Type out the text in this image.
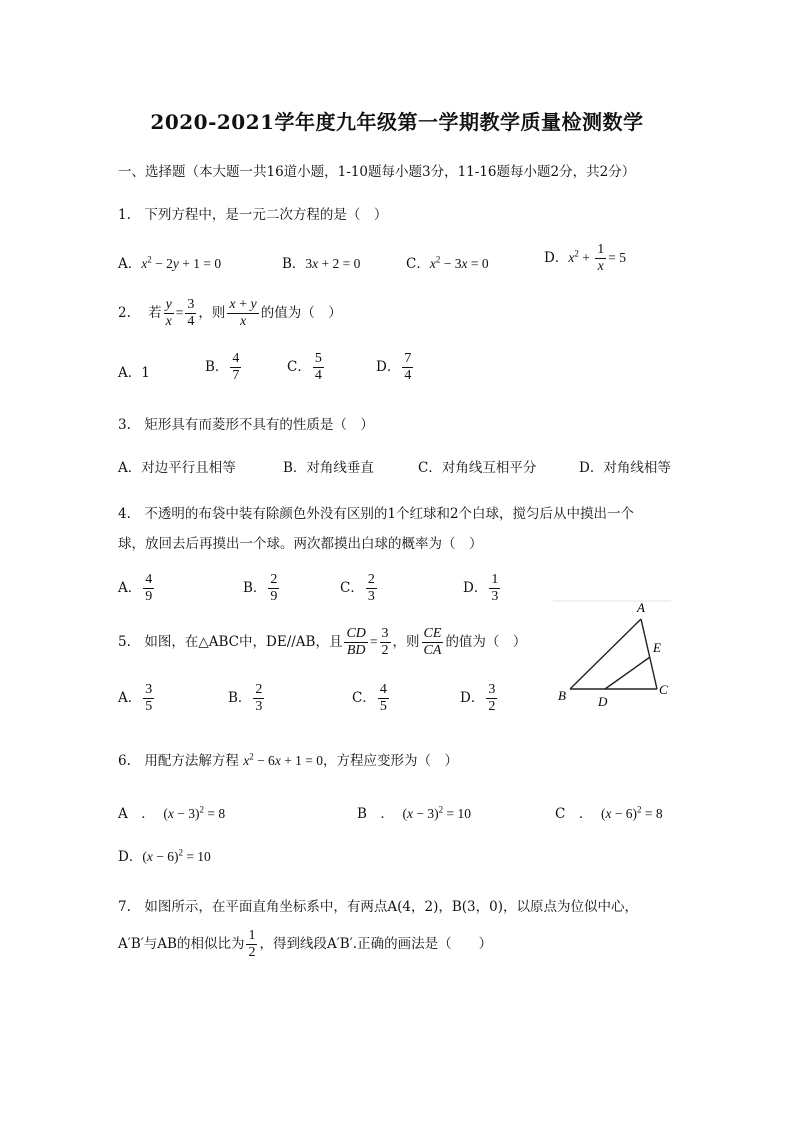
2020-2021学年度九年级第一学期教学质量检测数学
一、选择题（本大题一共16道小题，1-10题每小题3分，11-16题每小题2分，共2分）
1.　下列方程中，是一元二次方程的是（　）
A．$x^2 - 2y + 1 = 0$	B．3x + 2 = 0	C．$x^2 - 3x = 0$	D．$x^2 + \frac{1}{x} = 5$
2. 若 $\frac{y}{x} = \frac{3}{4}$ ，则 $\frac{x + y}{x}$ 的值为（　）
A．1	B． $\frac{4}{7}$	C． $\frac{5}{4}$	D． $\frac{7}{4}$
3.　矩形具有而菱形不具有的性质是（　）
A．对边平行且相等	B．对角线垂直	C．对角线互相平分	D．对角线相等
4.　不透明的布袋中装有除颜色外没有区别的1个红球和2个白球，搅匀后从中摸出一个
球，放回去后再摸出一个球。两次都摸出白球的概率为（　）
A． $\frac{4}{9}$	B． $\frac{2}{9}$	C． $\frac{2}{3}$	D． $\frac{1}{3}$
5.　如图，在△ABC中，DE//AB，且 $\frac{CD}{BD} = \frac{3}{2}$ ，则 $\frac{CE}{CA}$ 的值为（　）
A． $\frac{3}{5}$	B． $\frac{2}{3}$	C． $\frac{4}{5}$	D． $\frac{3}{2}$
A
E
B D
C
6.　用配方法解方程 $x^2 - 6x + 1 = 0$，方程应变形为（　）
A　． $(x - 3)^2 = 8$	B　． $(x - 3)^2 = 10$	C　． $(x - 6)^2 = 8$
D．$(x - 6)^2 = 10$
7.　如图所示，在平面直角坐标系中，有两点A(4，2)，B(3，0)，以原点为位似中心，
A′B′与AB的相似比为 $\frac{1}{2}$ ，得到线段A′B′.正确的画法是（　　）
